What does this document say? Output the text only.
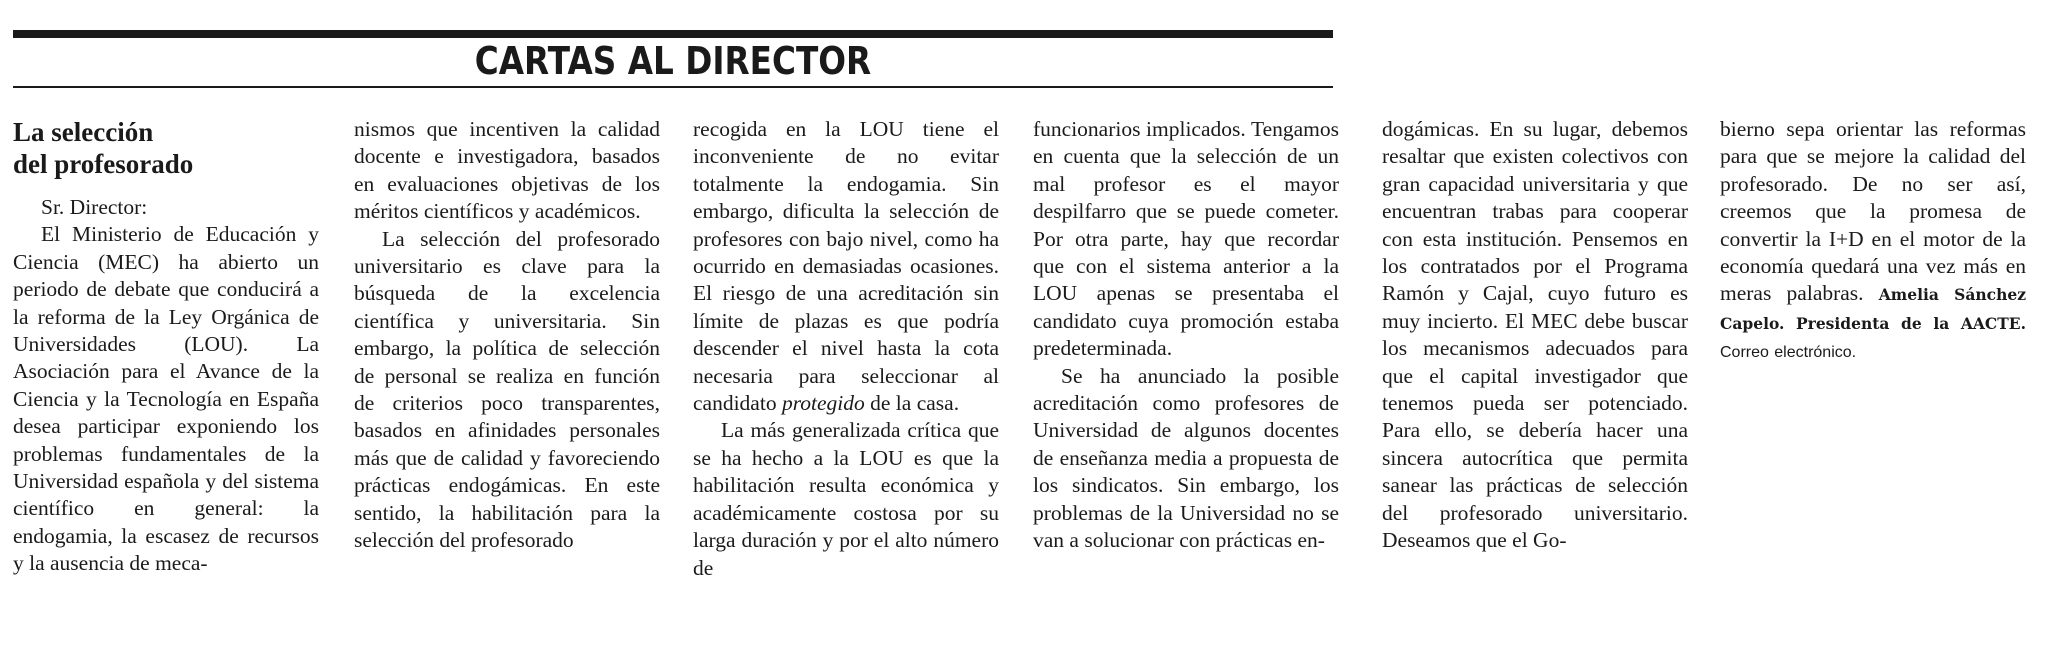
CARTAS AL DIRECTOR
La selección
del profesorado

Sr. Director:

El Ministerio de Educación y Ciencia (MEC) ha abierto un periodo de debate que conducirá a la reforma de la Ley Orgánica de Universidades (LOU). La Asociación para el Avance de la Ciencia y la Tecnología en España desea participar exponiendo los problemas fundamentales de la Universidad española y del sistema científico en general: la endogamia, la escasez de recursos y la ausencia de meca-

nismos que incentiven la calidad docente e investigadora, basados en evaluaciones objetivas de los méritos científicos y académicos.

La selección del profesorado universitario es clave para la búsqueda de la excelencia científica y universitaria. Sin embargo, la política de selección de personal se realiza en función de criterios poco transparentes, basados en afinidades personales más que de calidad y favoreciendo prácticas endogámicas. En este sentido, la habilitación para la selección del profesorado

recogida en la LOU tiene el inconveniente de no evitar totalmente la endogamia. Sin embargo, dificulta la selección de profesores con bajo nivel, como ha ocurrido en demasiadas ocasiones. El riesgo de una acreditación sin límite de plazas es que podría descender el nivel hasta la cota necesaria para seleccionar al candidato protegido de la casa.

La más generalizada crítica que se ha hecho a la LOU es que la habilitación resulta económica y académicamente costosa por su larga duración y por el alto número de

funcionarios implicados. Tengamos en cuenta que la selección de un mal profesor es el mayor despilfarro que se puede cometer. Por otra parte, hay que recordar que con el sistema anterior a la LOU apenas se presentaba el candidato cuya promoción estaba predeterminada.

Se ha anunciado la posible acreditación como profesores de Universidad de algunos docentes de enseñanza media a propuesta de los sindicatos. Sin embargo, los problemas de la Universidad no se van a solucionar con prácticas en-

dogámicas. En su lugar, debemos resaltar que existen colectivos con gran capacidad universitaria y que encuentran trabas para cooperar con esta institución. Pensemos en los contratados por el Programa Ramón y Cajal, cuyo futuro es muy incierto. El MEC debe buscar los mecanismos adecuados para que el capital investigador que tenemos pueda ser potenciado. Para ello, se debería hacer una sincera autocrítica que permita sanear las prácticas de selección del profesorado universitario. Deseamos que el Go-

bierno sepa orientar las reformas para que se mejore la calidad del profesorado. De no ser así, creemos que la promesa de convertir la I+D en el motor de la economía quedará una vez más en meras palabras. Amelia Sánchez Capelo. Presidenta de la AACTE. Correo electrónico.
